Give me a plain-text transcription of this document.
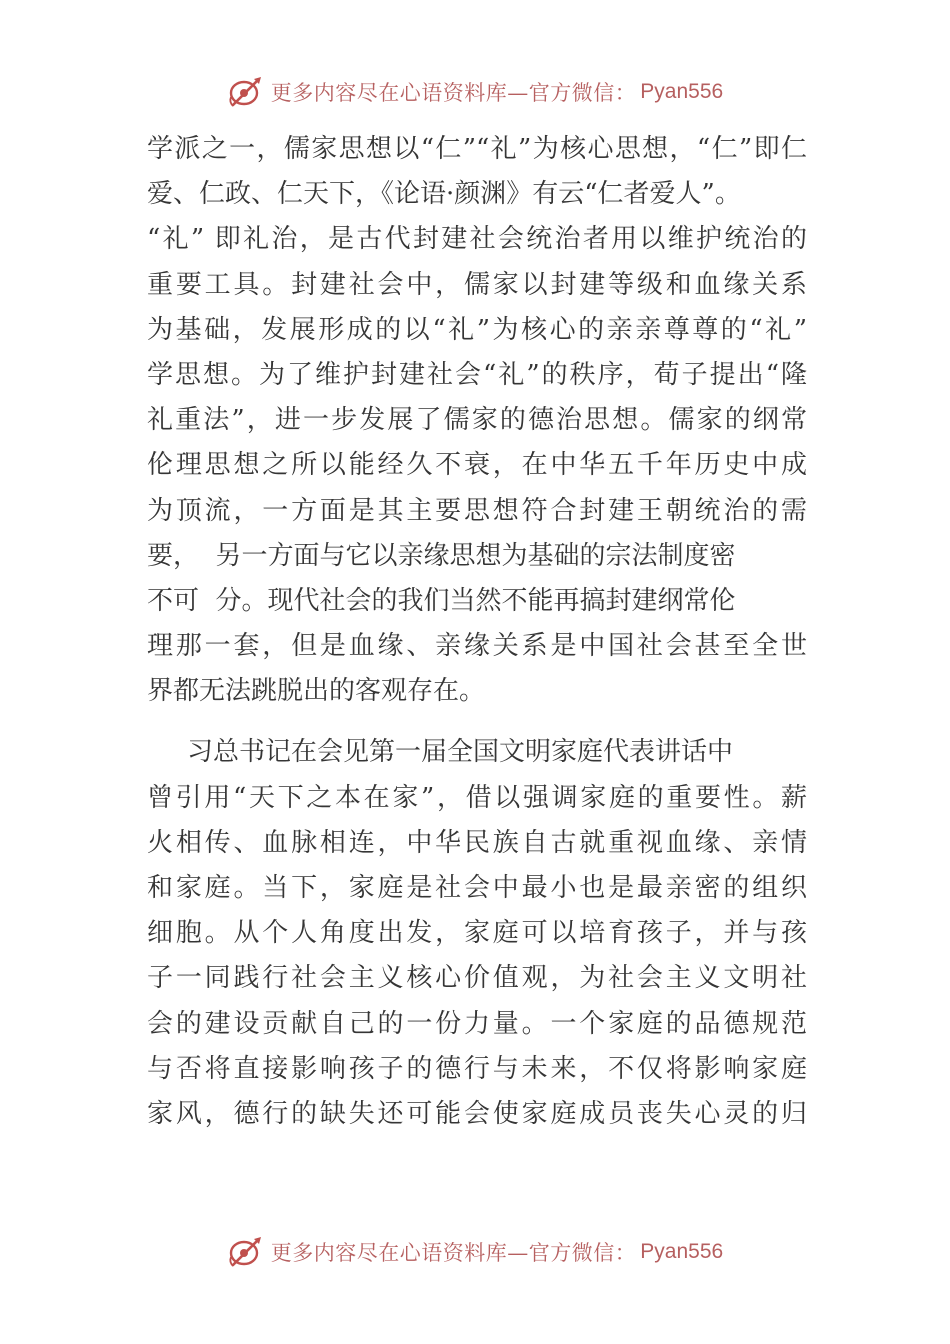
更多内容尽在心语资料库—官方微信： Pyan556
学派之一，儒家思想以“仁”“礼”为核心思想，“仁”即仁
爱、仁政、仁天下，《论语·颜渊》有云“仁者爱人”。
“礼” 即礼治，是古代封建社会统治者用以维护统治的
重要工具。封建社会中，儒家以封建等级和血缘关系
为基础，发展形成的以“礼”为核心的亲亲尊尊的“礼”
学思想。为了维护封建社会“礼”的秩序，荀子提出“隆
礼重法”，进一步发展了儒家的德治思想。儒家的纲常
伦理思想之所以能经久不衰，在中华五千年历史中成
为顶流，一方面是其主要思想符合封建王朝统治的需
要，  另一方面与它以亲缘思想为基础的宗法制度密
不可  分。现代社会的我们当然不能再搞封建纲常伦
理那一套，但是血缘、亲缘关系是中国社会甚至全世
界都无法跳脱出的客观存在。
习总书记在会见第一届全国文明家庭代表讲话中
曾引用“天下之本在家”，借以强调家庭的重要性。薪
火相传、血脉相连，中华民族自古就重视血缘、亲情
和家庭。当下，家庭是社会中最小也是最亲密的组织
细胞。从个人角度出发，家庭可以培育孩子，并与孩
子一同践行社会主义核心价值观，为社会主义文明社
会的建设贡献自己的一份力量。一个家庭的品德规范
与否将直接影响孩子的德行与未来，不仅将影响家庭
家风，德行的缺失还可能会使家庭成员丧失心灵的归
更多内容尽在心语资料库—官方微信： Pyan556
